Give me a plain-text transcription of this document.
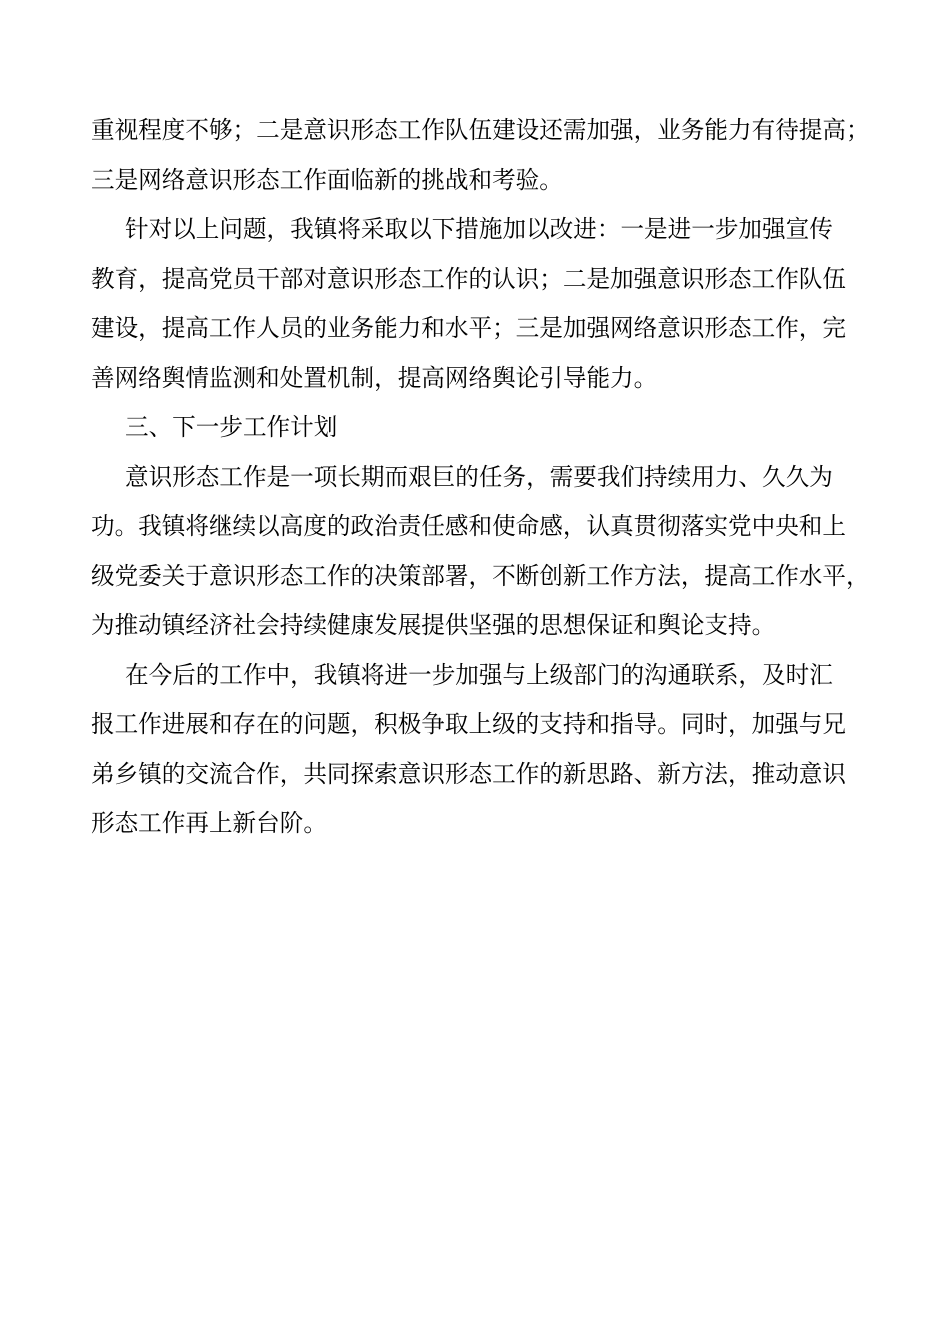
重视程度不够；二是意识形态工作队伍建设还需加强，业务能力有待提高；
三是网络意识形态工作面临新的挑战和考验。
针对以上问题，我镇将采取以下措施加以改进：一是进一步加强宣传
教育，提高党员干部对意识形态工作的认识；二是加强意识形态工作队伍
建设，提高工作人员的业务能力和水平；三是加强网络意识形态工作，完
善网络舆情监测和处置机制，提高网络舆论引导能力。
三、下一步工作计划
意识形态工作是一项长期而艰巨的任务，需要我们持续用力、久久为
功。我镇将继续以高度的政治责任感和使命感，认真贯彻落实党中央和上
级党委关于意识形态工作的决策部署，不断创新工作方法，提高工作水平，
为推动镇经济社会持续健康发展提供坚强的思想保证和舆论支持。
在今后的工作中，我镇将进一步加强与上级部门的沟通联系，及时汇
报工作进展和存在的问题，积极争取上级的支持和指导。同时，加强与兄
弟乡镇的交流合作，共同探索意识形态工作的新思路、新方法，推动意识
形态工作再上新台阶。
